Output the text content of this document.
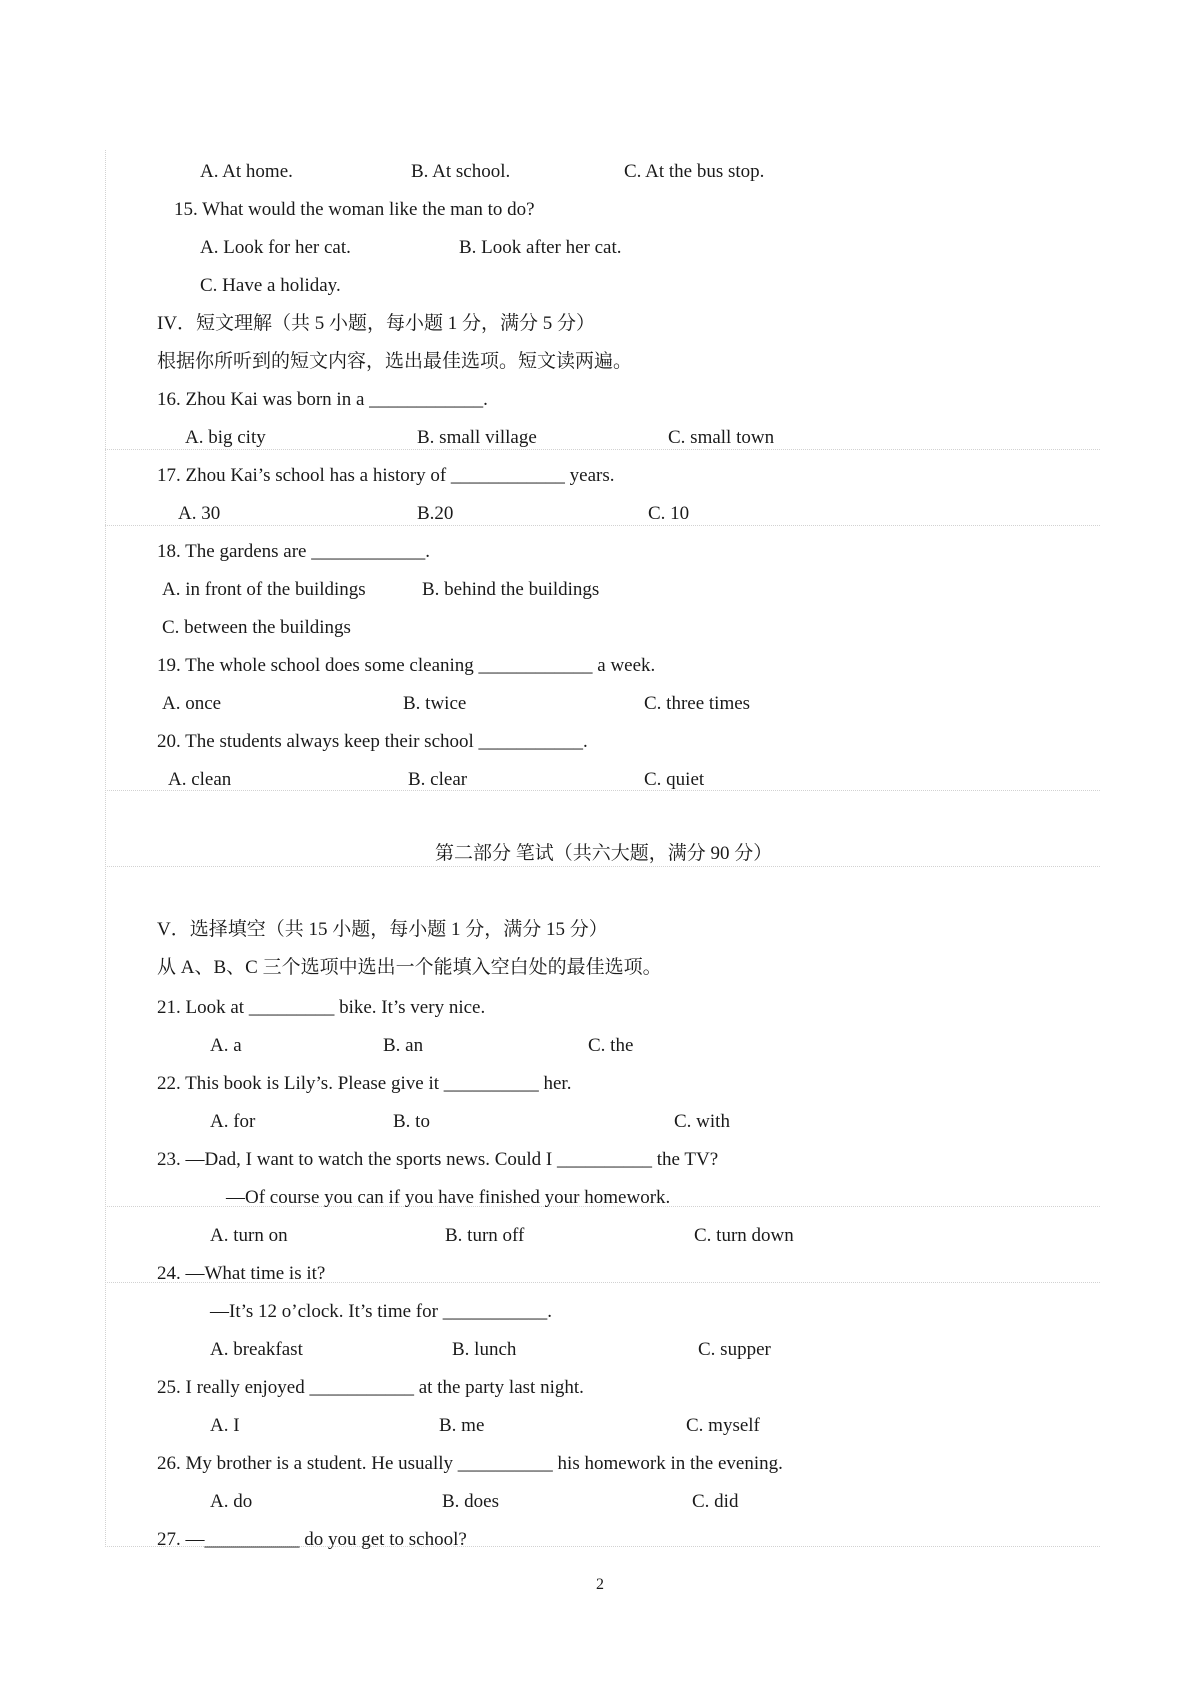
A. At home.	B. At school.	C. At the bus stop.
15. What would the woman like the man to do?
A. Look for her cat.	B. Look after her cat.
C. Have a holiday.
IV．短文理解（共 5 小题，每小题 1 分，满分 5 分）
根据你所听到的短文内容，选出最佳选项。短文读两遍。
16. Zhou Kai was born in a ____________.
A. big city	B. small village	C. small town
17. Zhou Kai’s school has a history of ____________ years.
A. 30	B.20	C. 10
18. The gardens are ____________.
A. in front of the buildings	B. behind the buildings
C. between the buildings
19. The whole school does some cleaning ____________ a week.
A. once	B. twice	C. three times
20. The students always keep their school ___________.
A. clean	B. clear	C. quiet
第二部分 笔试（共六大题，满分 90 分）
V．选择填空（共 15 小题，每小题 1 分，满分 15 分）
从 A、B、C 三个选项中选出一个能填入空白处的最佳选项。
21. Look at _________ bike. It’s very nice.
A. a	B. an	C. the
22. This book is Lily’s. Please give it __________ her.
A. for	B. to	C. with
23. —Dad, I want to watch the sports news. Could I __________ the TV?
—Of course you can if you have finished your homework.
A. turn on	B. turn off	C. turn down
24. —What time is it?
—It’s 12 o’clock. It’s time for ___________.
A. breakfast	B. lunch	C. supper
25. I really enjoyed ___________ at the party last night.
A. I	B. me	C. myself
26. My brother is a student. He usually __________ his homework in the evening.
A. do	B. does	C. did
27. —__________ do you get to school?
2
